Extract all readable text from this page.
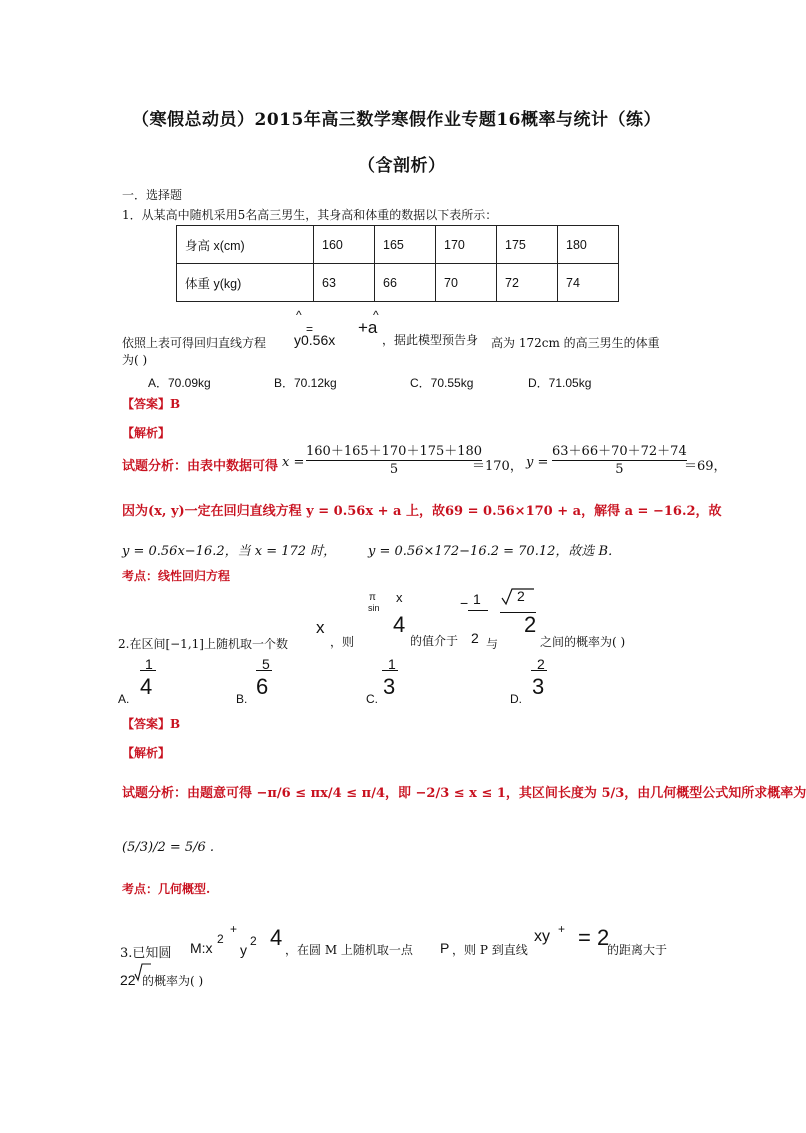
（寒假总动员）2015年高三数学寒假作业专题16概率与统计（练）
（含剖析）
一．选择题
1．从某高中随机采用5名高三男生，其身高和体重的数据以下表所示：
身高 x(cm)	160	165	170	175	180
体重 y(kg)	63	66	70	72	74
^
=
^
依照上表可得回归直线方程 y0.56x
+a
，据此模型预告身 高为 172cm 的高三男生的体重
为( )
A．70.09kg	B．70.12kg	C．70.55kg	D．71.05kg
【答案】B
【解析】
试题分析：由表中数据可得 x =
160＋165＋170＋175＋180
5	＝170， y =
63＋66＋70＋72＋74
5	＝69，
因为(x, y)一定在回归直线方程 y = 0.56x + a 上，故69 = 0.56×170 + a，解得 a = −16.2，故
y = 0.56x−16.2，当 x = 172 时， y = 0.56×172−16.2 = 70.12，故选 B．
考点：线性回归方程
π x
sin
4
x
− 1
2
2
2
2.在区间[−1,1]上随机取一个数	，则	的值介于 与	之间的概率为( )
A.
1
4	B.
5
6	C.
1
3	D.
2
3
【答案】B
【解析】
试题分析：由题意可得 −π/6 ≤ πx/4 ≤ π/4，即 −2/3 ≤ x ≤ 1，其区间长度为 5/3，由几何概型公式知所求概率为
(5/3)/2 = 5/6 .
考点：几何概型.
3.已知圆 M:x
2
+
y
2 4 ，在圆 M 上随机取一点 P ，则 P 到直线
xy + = 2
的距离大于
22 的概率为( )
